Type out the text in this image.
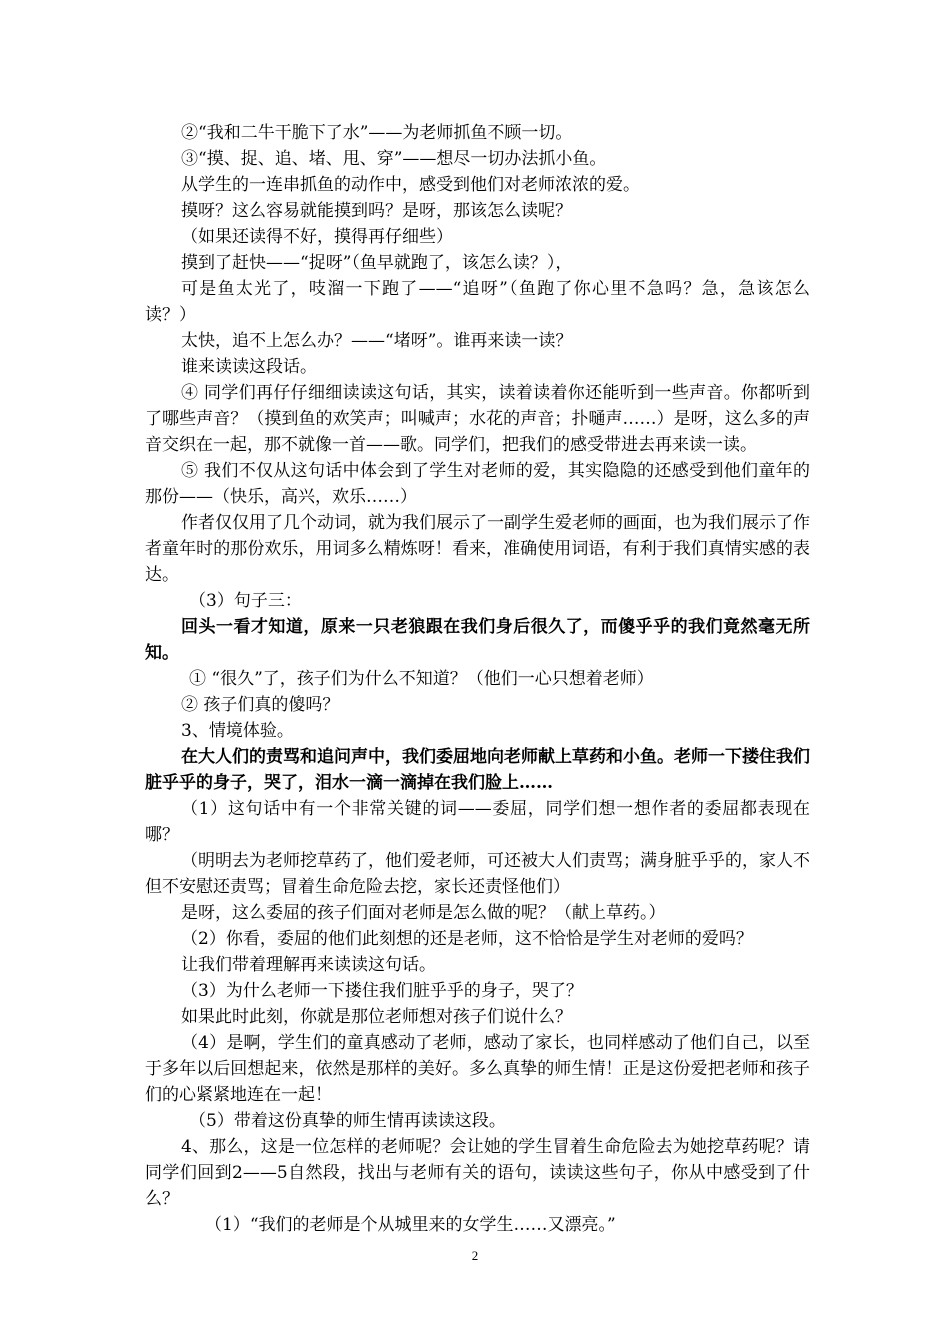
②“我和二牛干脆下了水”——为老师抓鱼不顾一切。

③“摸、捉、追、堵、甩、穿”——想尽一切办法抓小鱼。

从学生的一连串抓鱼的动作中，感受到他们对老师浓浓的爱。

摸呀？这么容易就能摸到吗？是呀，那该怎么读呢？

（如果还读得不好，摸得再仔细些）

摸到了赶快——“捉呀”（鱼早就跑了，该怎么读？），

可是鱼太光了，吱溜一下跑了——“追呀”（鱼跑了你心里不急吗？急，急该怎么读？）

太快，追不上怎么办？——“堵呀”。谁再来读一读？

谁来读读这段话。

④ 同学们再仔仔细细读读这句话，其实，读着读着你还能听到一些声音。你都听到了哪些声音？（摸到鱼的欢笑声；叫喊声；水花的声音；扑嗵声……）是呀，这么多的声音交织在一起，那不就像一首——歌。同学们，把我们的感受带进去再来读一读。

⑤ 我们不仅从这句话中体会到了学生对老师的爱，其实隐隐的还感受到他们童年的那份——（快乐，高兴，欢乐……）

作者仅仅用了几个动词，就为我们展示了一副学生爱老师的画面，也为我们展示了作者童年时的那份欢乐，用词多么精炼呀！看来，准确使用词语，有利于我们真情实感的表达。

（3）句子三：

回头一看才知道，原来一只老狼跟在我们身后很久了，而傻乎乎的我们竟然毫无所知。

① “很久”了，孩子们为什么不知道？（他们一心只想着老师）

② 孩子们真的傻吗？

3、情境体验。

在大人们的责骂和追问声中，我们委屈地向老师献上草药和小鱼。老师一下搂住我们脏乎乎的身子，哭了，泪水一滴一滴掉在我们脸上……

（1）这句话中有一个非常关键的词——委屈，同学们想一想作者的委屈都表现在哪？

（明明去为老师挖草药了，他们爱老师，可还被大人们责骂；满身脏乎乎的，家人不但不安慰还责骂；冒着生命危险去挖，家长还责怪他们）

是呀，这么委屈的孩子们面对老师是怎么做的呢？（献上草药。）

（2）你看，委屈的他们此刻想的还是老师，这不恰恰是学生对老师的爱吗？

让我们带着理解再来读读这句话。

（3）为什么老师一下搂住我们脏乎乎的身子，哭了？

如果此时此刻，你就是那位老师想对孩子们说什么？

（4）是啊，学生们的童真感动了老师，感动了家长，也同样感动了他们自己，以至于多年以后回想起来，依然是那样的美好。多么真挚的师生情！正是这份爱把老师和孩子们的心紧紧地连在一起！

（5）带着这份真挚的师生情再读读这段。

4、那么，这是一位怎样的老师呢？会让她的学生冒着生命危险去为她挖草药呢？请同学们回到2——5自然段，找出与老师有关的语句，读读这些句子，你从中感受到了什么？

（1）“我们的老师是个从城里来的女学生……又漂亮。”

2
